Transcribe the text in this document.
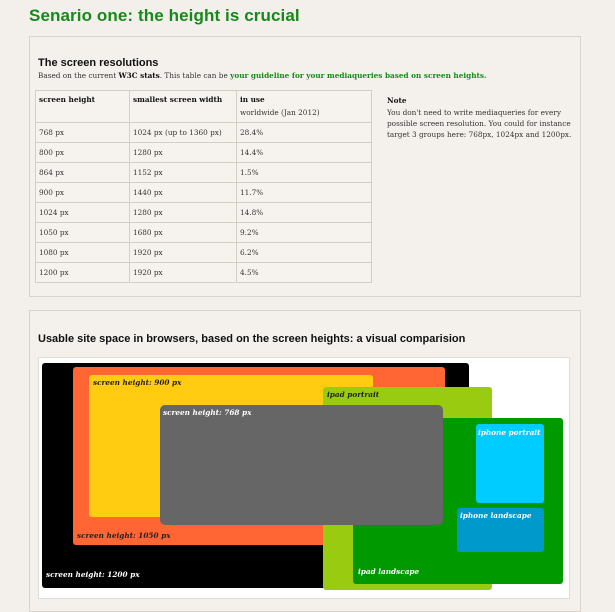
Senario one: the height is crucial
The screen resolutions
Based on the current W3C stats. This table can be your guideline for your mediaqueries based on screen heights.
screen height	smallest screen width	in use
worldwide (Jan 2012)

768 px	1024 px (up to 1360 px)	28.4%
800 px	1280 px	14.4%
864 px	1152 px	1.5%
900 px	1440 px	11.7%
1024 px	1280 px	14.8%
1050 px	1680 px	9.2%
1080 px	1920 px	6.2%
1200 px	1920 px	4.5%
Note
You don't need to write mediaqueries for every possible screen resolution. You could for instance target 3 groups here: 768px, 1024px and 1200px.
Usable site space in browsers, based on the screen heights: a visual comparision
screen height: 1200 px
screen height: 1050 px
screen height: 900 px
ipad portrait
ipad landscape
screen height: 768 px
iphone portrait
iphone landscape
